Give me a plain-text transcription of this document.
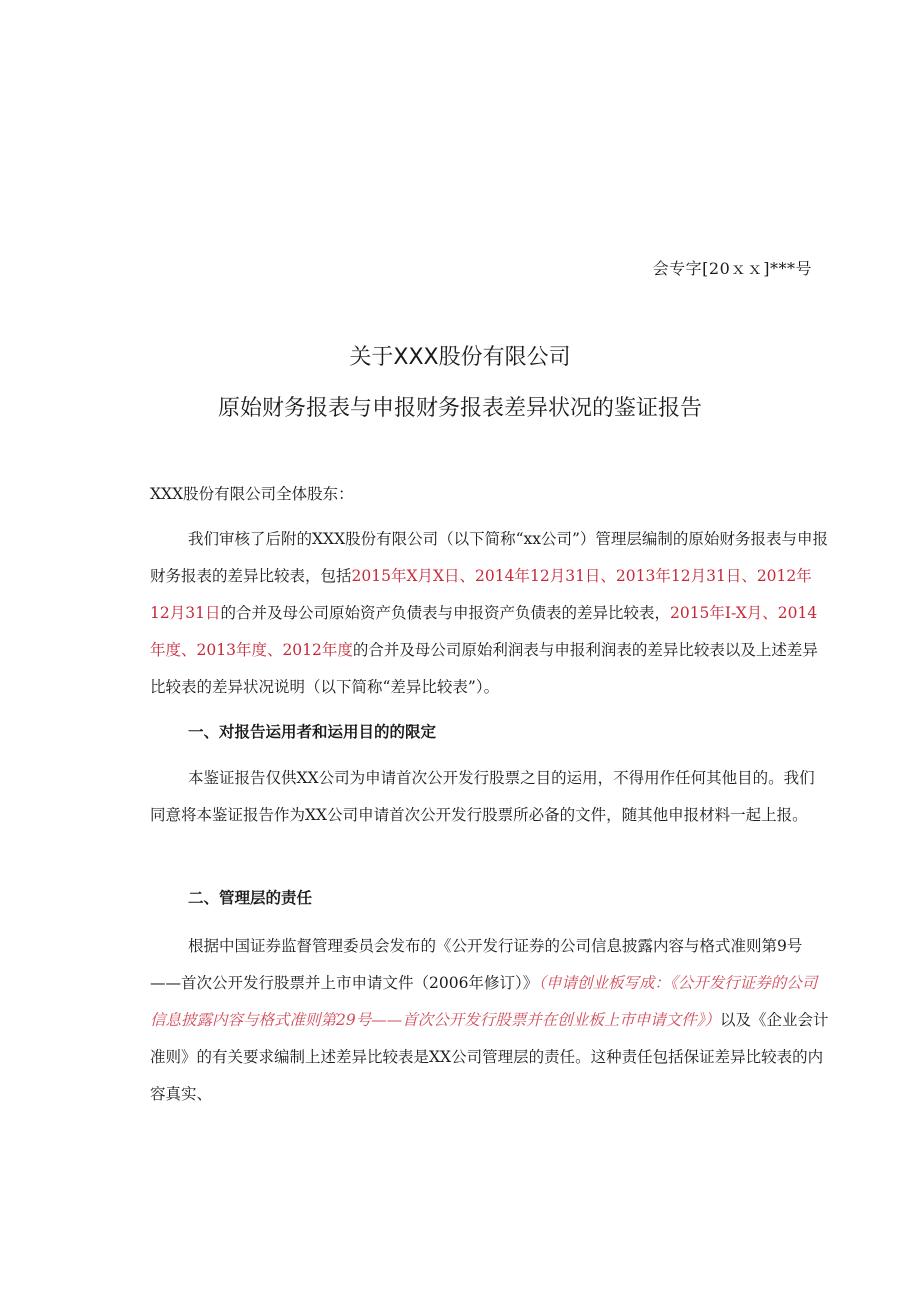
会专字[20ｘｘ]***号
关于XXX股份有限公司
原始财务报表与申报财务报表差异状况的鉴证报告
XXX股份有限公司全体股东：
我们审核了后附的XXX股份有限公司（以下简称“xx公司”）管理层编制的原始财务报表与申报财务报表的差异比较表，包括2015年X月X日、2014年12月31日、2013年12月31日、2012年12月31日的合并及母公司原始资产负债表与申报资产负债表的差异比较表，2015年I-X月、2014年度、2013年度、2012年度的合并及母公司原始利润表与申报利润表的差异比较表以及上述差异比较表的差异状况说明（以下简称“差异比较表”）。
一、对报告运用者和运用目的的限定
本鉴证报告仅供XX公司为申请首次公开发行股票之目的运用，不得用作任何其他目的。我们同意将本鉴证报告作为XX公司申请首次公开发行股票所必备的文件，随其他申报材料一起上报。
二、管理层的责任
根据中国证券监督管理委员会发布的《公开发行证券的公司信息披露内容与格式准则第9号——首次公开发行股票并上市申请文件（2006年修订）》（申请创业板写成：《公开发行证券的公司信息披露内容与格式准则第29号——首次公开发行股票并在创业板上市申请文件》）以及《企业会计准则》的有关要求编制上述差异比较表是XX公司管理层的责任。这种责任包括保证差异比较表的内容真实、
